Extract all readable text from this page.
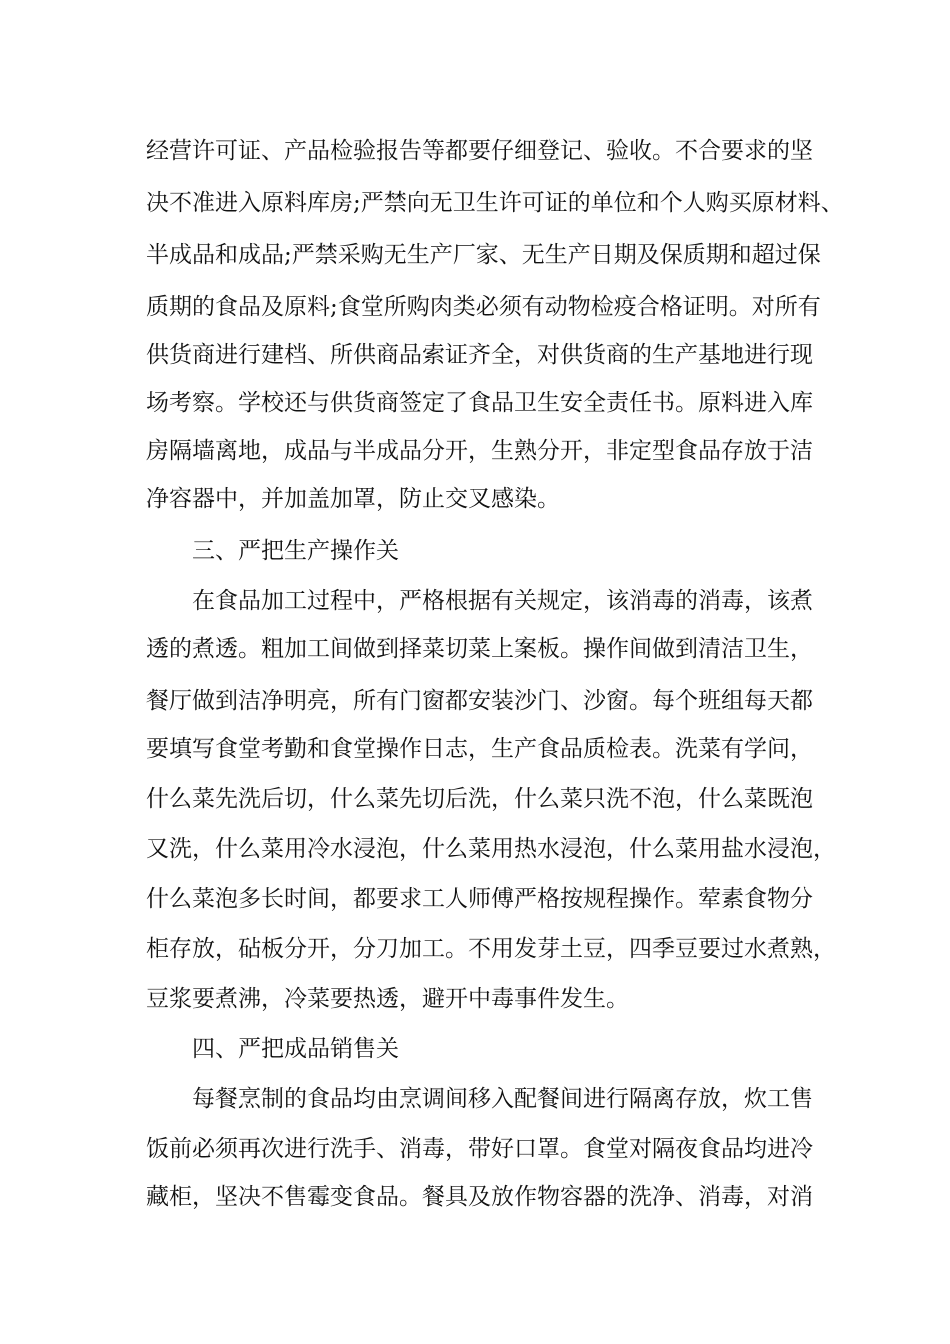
经营许可证、产品检验报告等都要仔细登记、验收。不合要求的坚
决不准进入原料库房;严禁向无卫生许可证的单位和个人购买原材料、
半成品和成品;严禁采购无生产厂家、无生产日期及保质期和超过保
质期的食品及原料;食堂所购肉类必须有动物检疫合格证明。对所有
供货商进行建档、所供商品索证齐全，对供货商的生产基地进行现
场考察。学校还与供货商签定了食品卫生安全责任书。原料进入库
房隔墙离地，成品与半成品分开，生熟分开，非定型食品存放于洁
净容器中，并加盖加罩，防止交叉感染。
三、严把生产操作关
在食品加工过程中，严格根据有关规定，该消毒的消毒，该煮
透的煮透。粗加工间做到择菜切菜上案板。操作间做到清洁卫生，
餐厅做到洁净明亮，所有门窗都安装沙门、沙窗。每个班组每天都
要填写食堂考勤和食堂操作日志，生产食品质检表。洗菜有学问，
什么菜先洗后切，什么菜先切后洗，什么菜只洗不泡，什么菜既泡
又洗，什么菜用冷水浸泡，什么菜用热水浸泡，什么菜用盐水浸泡，
什么菜泡多长时间，都要求工人师傅严格按规程操作。荤素食物分
柜存放，砧板分开，分刀加工。不用发芽土豆，四季豆要过水煮熟，
豆浆要煮沸，冷菜要热透，避开中毒事件发生。
四、严把成品销售关
每餐烹制的食品均由烹调间移入配餐间进行隔离存放，炊工售
饭前必须再次进行洗手、消毒，带好口罩。食堂对隔夜食品均进冷
藏柜，坚决不售霉变食品。餐具及放作物容器的洗净、消毒，对消
